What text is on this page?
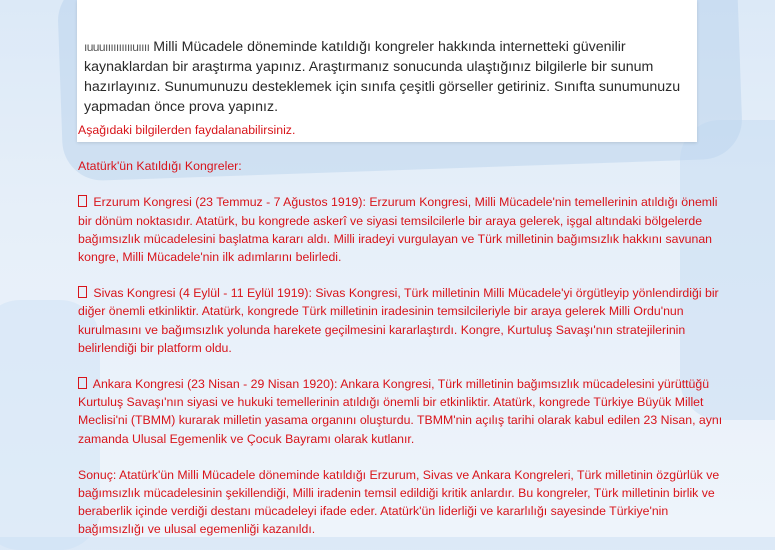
ıuuuııııııııııuıııı Milli Mücadele döneminde katıldığı kongreler hakkında internetteki güvenilir kaynaklardan bir araştırma yapınız. Araştırmanız sonucunda ulaştığınız bilgilerle bir sunum hazırlayınız. Sunumunuzu desteklemek için sınıfa çeşitli görseller getiriniz. Sınıfta sunumunuzu yapmadan önce prova yapınız.

Aşağıdaki bilgilerden faydalanabilirsiniz.

Atatürk'ün Katıldığı Kongreler:

Erzurum Kongresi (23 Temmuz - 7 Ağustos 1919): Erzurum Kongresi, Milli Mücadele'nin temellerinin atıldığı önemli bir dönüm noktasıdır. Atatürk, bu kongrede askerî ve siyasi temsilcilerle bir araya gelerek, işgal altındaki bölgelerde bağımsızlık mücadelesini başlatma kararı aldı. Milli iradeyi vurgulayan ve Türk milletinin bağımsızlık hakkını savunan kongre, Milli Mücadele'nin ilk adımlarını belirledi.

Sivas Kongresi (4 Eylül - 11 Eylül 1919): Sivas Kongresi, Türk milletinin Milli Mücadele'yi örgütleyip yönlendirdiği bir diğer önemli etkinliktir. Atatürk, kongrede Türk milletinin iradesinin temsilcileriyle bir araya gelerek Milli Ordu'nun kurulmasını ve bağımsızlık yolunda harekete geçilmesini kararlaştırdı. Kongre, Kurtuluş Savaşı'nın stratejilerinin belirlendiği bir platform oldu.

Ankara Kongresi (23 Nisan - 29 Nisan 1920): Ankara Kongresi, Türk milletinin bağımsızlık mücadelesini yürüttüğü Kurtuluş Savaşı'nın siyasi ve hukuki temellerinin atıldığı önemli bir etkinliktir. Atatürk, kongrede Türkiye Büyük Millet Meclisi'ni (TBMM) kurarak milletin yasama organını oluşturdu. TBMM'nin açılış tarihi olarak kabul edilen 23 Nisan, aynı zamanda Ulusal Egemenlik ve Çocuk Bayramı olarak kutlanır.

Sonuç: Atatürk'ün Milli Mücadele döneminde katıldığı Erzurum, Sivas ve Ankara Kongreleri, Türk milletinin özgürlük ve bağımsızlık mücadelesinin şekillendiği, Milli iradenin temsil edildiği kritik anlardır. Bu kongreler, Türk milletinin birlik ve beraberlik içinde verdiği destanı mücadeleyi ifade eder. Atatürk'ün liderliği ve kararlılığı sayesinde Türkiye'nin bağımsızlığı ve ulusal egemenliği kazanıldı.
